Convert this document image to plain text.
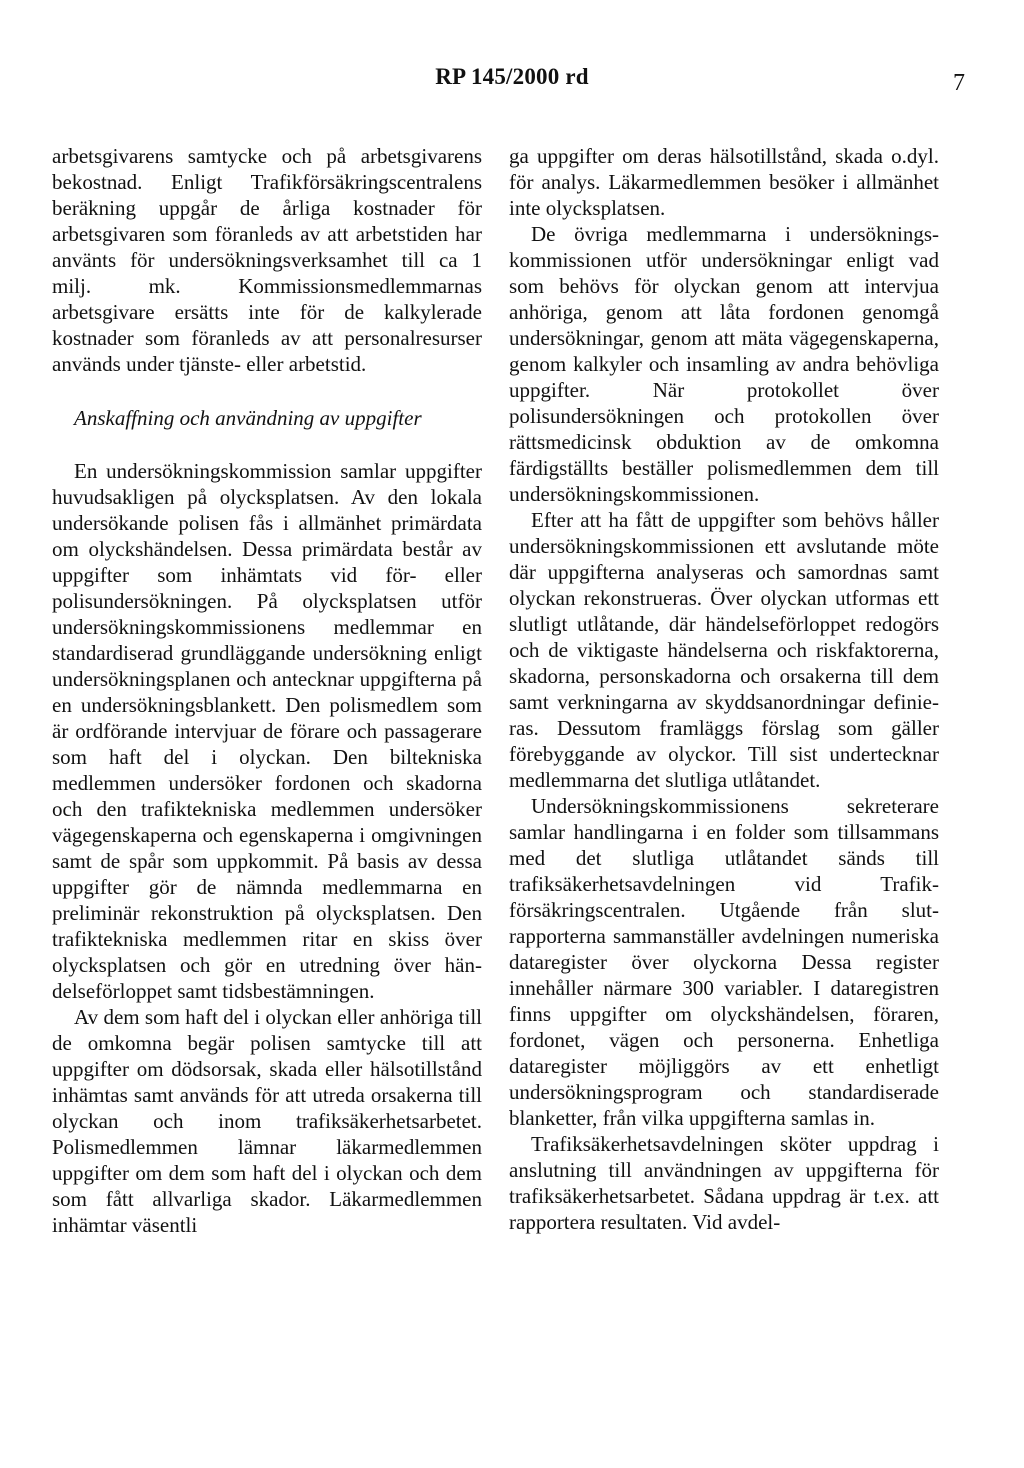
RP 145/2000 rd	7

arbetsgivarens samtycke och på arbetsgivarens bekostnad. Enligt Trafikförsäkringscentralens beräkning uppgår de årliga kostnader för arbetsgivaren som föranleds av att arbetstiden har använts för undersökningsverksamhet till ca 1 milj. mk. Kommissionsmedlemmarnas arbetsgivare ersätts inte för de kalkylerade kostnader som föranleds av att personalresurser används under tjänste- eller arbetstid.

Anskaffning och användning av uppgifter

En undersökningskommission samlar uppgifter huvudsakligen på olycksplatsen. Av den lokala undersökande polisen fås i allmänhet primärdata om olyckshändelsen. Dessa primärdata består av uppgifter som inhämtats vid för- eller polisundersökningen. På olycksplatsen utför undersökningskommissionens medlemmar en standardiserad grundläggande undersökning enligt undersökningsplanen och antecknar uppgifterna på en undersökningsblankett. Den polismedlem som är ordförande intervjuar de förare och passagerare som haft del i olyckan. Den biltekniska medlemmen undersöker fordonen och skadorna och den trafiktekniska medlemmen undersöker vägegenskaperna och egenskaperna i omgivningen samt de spår som uppkommit. På basis av dessa uppgifter gör de nämnda medlemmarna en preliminär rekonstruktion på olycksplatsen. Den trafiktekniska medlemmen ritar en skiss över olycksplatsen och gör en utredning över händelseförloppet samt tidsbestämningen.

Av dem som haft del i olyckan eller anhöriga till de omkomna begär polisen samtycke till att uppgifter om dödsorsak, skada eller hälsotillstånd inhämtas samt används för att utreda orsakerna till olyckan och inom trafiksäkerhetsarbetet. Polismedlemmen lämnar läkarmedlemmen uppgifter om dem som haft del i olyckan och dem som fått allvarliga skador. Läkarmedlemmen inhämtar väsentli

ga uppgifter om deras hälsotillstånd, skada o.dyl. för analys. Läkarmedlemmen besöker i allmänhet inte olycksplatsen.

De övriga medlemmarna i undersökningskommissionen utför undersökningar enligt vad som behövs för olyckan genom att intervjua anhöriga, genom att låta fordonen genomgå undersökningar, genom att mäta vägegenskaperna, genom kalkyler och insamling av andra behövliga uppgifter. När protokollet över polisundersökningen och protokollen över rättsmedicinsk obduktion av de omkomna färdigställts beställer polismedlemmen dem till undersökningskommissionen.

Efter att ha fått de uppgifter som behövs håller undersökningskommissionen ett avslutande möte där uppgifterna analyseras och samordnas samt olyckan rekonstrueras. Över olyckan utformas ett slutligt utlåtande, där händelseförloppet redogörs och de viktigaste händelserna och riskfaktorerna, skadorna, personskadorna och orsakerna till dem samt verkningarna av skyddsanordningar definieras. Dessutom framläggs förslag som gäller förebyggande av olyckor. Till sist undertecknar medlemmarna det slutliga utlåtandet.

Undersökningskommissionens sekreterare samlar handlingarna i en folder som tillsammans med det slutliga utlåtandet sänds till trafiksäkerhetsavdelningen vid Trafikförsäkringscentralen. Utgående från slutrapporterna sammanställer avdelningen numeriska dataregister över olyckorna Dessa register innehåller närmare 300 variabler. I dataregistren finns uppgifter om olyckshändelsen, föraren, fordonet, vägen och personerna. Enhetliga dataregister möjliggörs av ett enhetligt undersökningsprogram och standardiserade blanketter, från vilka uppgifterna samlas in.

Trafiksäkerhetsavdelningen sköter uppdrag i anslutning till användningen av uppgifterna för trafiksäkerhetsarbetet. Sådana uppdrag är t.ex. att rapportera resultaten. Vid avdel-
